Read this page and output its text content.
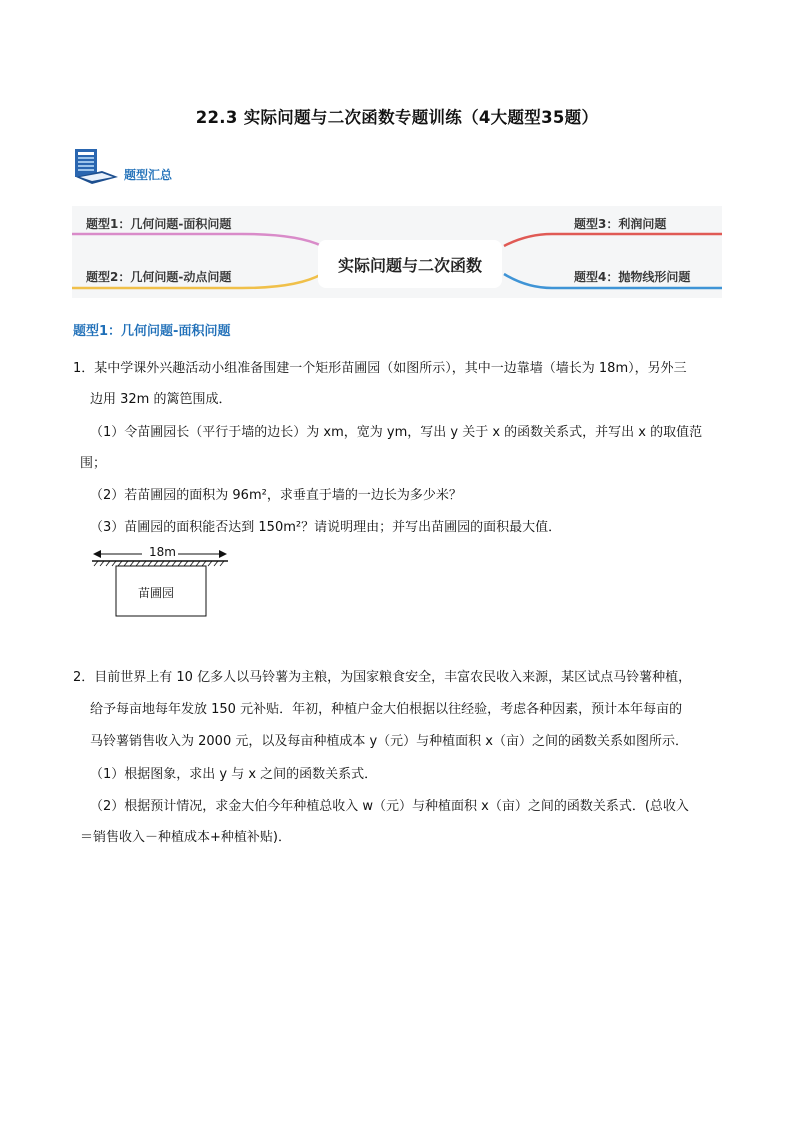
22.3 实际问题与二次函数专题训练（4大题型35题）
题型汇总
题型1：几何问题-面积问题
题型2：几何问题-动点问题
题型3：利润问题
题型4：抛物线形问题
实际问题与二次函数
题型1：几何问题-面积问题
1．某中学课外兴趣活动小组准备围建一个矩形苗圃园（如图所示），其中一边靠墙（墙长为 18m），另外三
边用 32m 的篱笆围成．
（1）令苗圃园长（平行于墙的边长）为 xm，宽为 ym，写出 y 关于 x 的函数关系式，并写出 x 的取值范
围；
（2）若苗圃园的面积为 96m²，求垂直于墙的一边长为多少米？
（3）苗圃园的面积能否达到 150m²？请说明理由；并写出苗圃园的面积最大值．
18m
苗圃园
2．目前世界上有 10 亿多人以马铃薯为主粮，为国家粮食安全，丰富农民收入来源，某区试点马铃薯种植，
给予每亩地每年发放 150 元补贴．年初，种植户金大伯根据以往经验，考虑各种因素，预计本年每亩的
马铃薯销售收入为 2000 元，以及每亩种植成本 y（元）与种植面积 x（亩）之间的函数关系如图所示．
（1）根据图象，求出 y 与 x 之间的函数关系式．
（2）根据预计情况，求金大伯今年种植总收入 w（元）与种植面积 x（亩）之间的函数关系式．(总收入
＝销售收入－种植成本+种植补贴)．
